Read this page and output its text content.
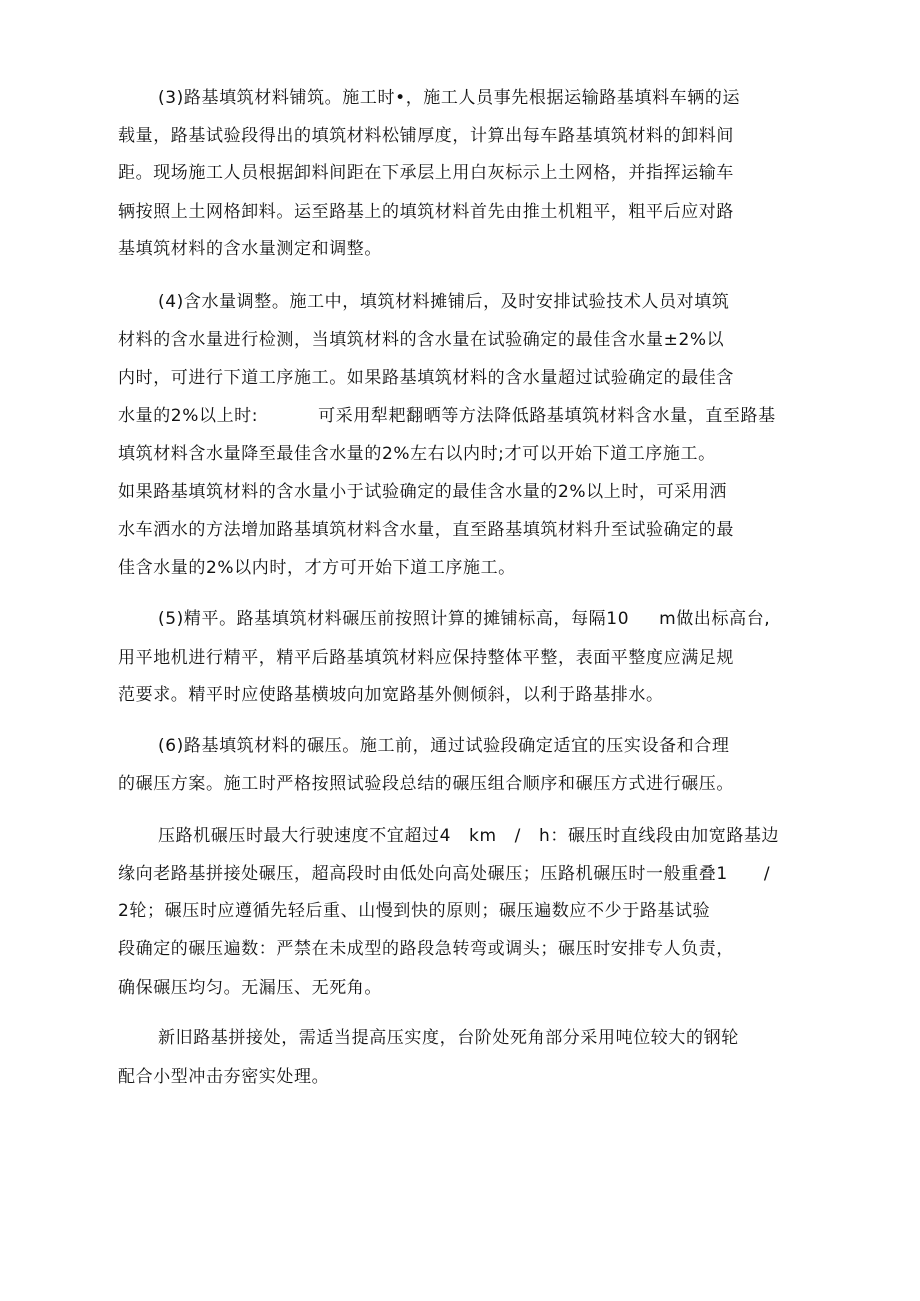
(3)路基填筑材料铺筑。施工时•，施工人员事先根据运输路基填料车辆的运
载量，路基试验段得出的填筑材料松铺厚度，计算出每车路基填筑材料的卸料间
距。现场施工人员根据卸料间距在下承层上用白灰标示上土网格，并指挥运输车
辆按照上土网格卸料。运至路基上的填筑材料首先由推土机粗平，粗平后应对路
基填筑材料的含水量测定和调整。
(4)含水量调整。施工中，填筑材料摊铺后，及时安排试验技术人员对填筑
材料的含水量进行检测，当填筑材料的含水量在试验确定的最佳含水量±2%以
内时，可进行下道工序施工。如果路基填筑材料的含水量超过试验确定的最佳含
水量的2%以上时:          可采用犁耙翻晒等方法降低路基填筑材料含水量，直至路基
填筑材料含水量降至最佳含水量的2%左右以内时;才可以开始下道工序施工。
如果路基填筑材料的含水量小于试验确定的最佳含水量的2%以上时，可采用洒
水车洒水的方法增加路基填筑材料含水量，直至路基填筑材料升至试验确定的最
佳含水量的2%以内时，才方可开始下道工序施工。
(5)精平。路基填筑材料碾压前按照计算的摊铺标高，每隔10     m做出标高台,
用平地机进行精平，精平后路基填筑材料应保持整体平整，表面平整度应满足规
范要求。精平时应使路基横坡向加宽路基外侧倾斜，以利于路基排水。
(6)路基填筑材料的碾压。施工前，通过试验段确定适宜的压实设备和合理
的碾压方案。施工时严格按照试验段总结的碾压组合顺序和碾压方式进行碾压。
压路机碾压时最大行驶速度不宜超过4   km   /   h：碾压时直线段由加宽路基边
缘向老路基拼接处碾压，超高段时由低处向高处碾压；压路机碾压时一般重叠1      /
2轮；碾压时应遵循先轻后重、山慢到快的原则；碾压遍数应不少于路基试验
段确定的碾压遍数：严禁在未成型的路段急转弯或调头；碾压时安排专人负责，
确保碾压均匀。无漏压、无死角。
新旧路基拼接处，需适当提高压实度，台阶处死角部分采用吨位较大的钢轮
配合小型冲击夯密实处理。
